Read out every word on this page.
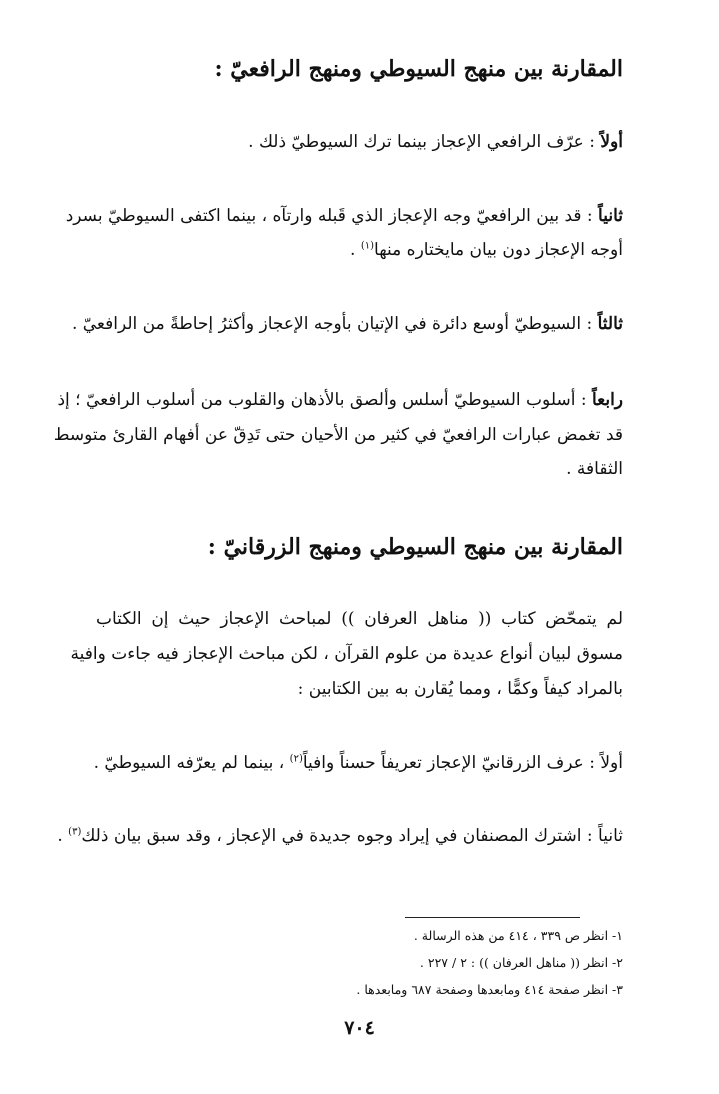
المقارنة بين منهج السيوطي ومنهج الرافعيّ :
أولاً : عرّف الرافعي الإعجاز بينما ترك السيوطيّ ذلك .
ثانياً : قد بين الرافعيّ وجه الإعجاز الذي قَبله وارتآه ، بينما اكتفى السيوطيّ بسرد
أوجه الإعجاز دون بيان مايختاره منها$^{(١)}$ .
ثالثاً : السيوطيّ أوسع دائرة في الإتيان بأوجه الإعجاز وأكثرُ إحاطةً من الرافعيّ .
رابعاً : أسلوب السيوطيّ أسلس وألصق بالأذهان والقلوب من أسلوب الرافعيّ ؛ إذ
قد تغمض عبارات الرافعيّ في كثير من الأحيان حتى تَدِقّ عن أفهام القارئ متوسط
الثقافة .
المقارنة بين منهج السيوطي ومنهج الزرقانيّ :
لم يتمحّض كتاب (( مناهل العرفان )) لمباحث الإعجاز حيث إن الكتاب
مسوق لبيان أنواع عديدة من علوم القرآن ، لكن مباحث الإعجاز فيه جاءت وافية
بالمراد كيفاً وكمًّا ، ومما يُقارن به بين الكتابين :
أولاً : عرف الزرقانيّ الإعجاز تعريفاً حسناً وافياً$^{(٢)}$ ، بينما لم يعرّفه السيوطيّ .
ثانياً : اشترك المصنفان في إيراد وجوه جديدة في الإعجاز ، وقد سبق بيان ذلك$^{(٣)}$ .
١- انظر ص ٣٣٩ ، ٤١٤ من هذه الرسالة .
٢- انظر (( مناهل العرفان )) : ٢ / ٢٢٧ .
٣- انظر صفحة ٤١٤ ومابعدها وصفحة ٦٨٧ ومابعدها .
٧٠٤
